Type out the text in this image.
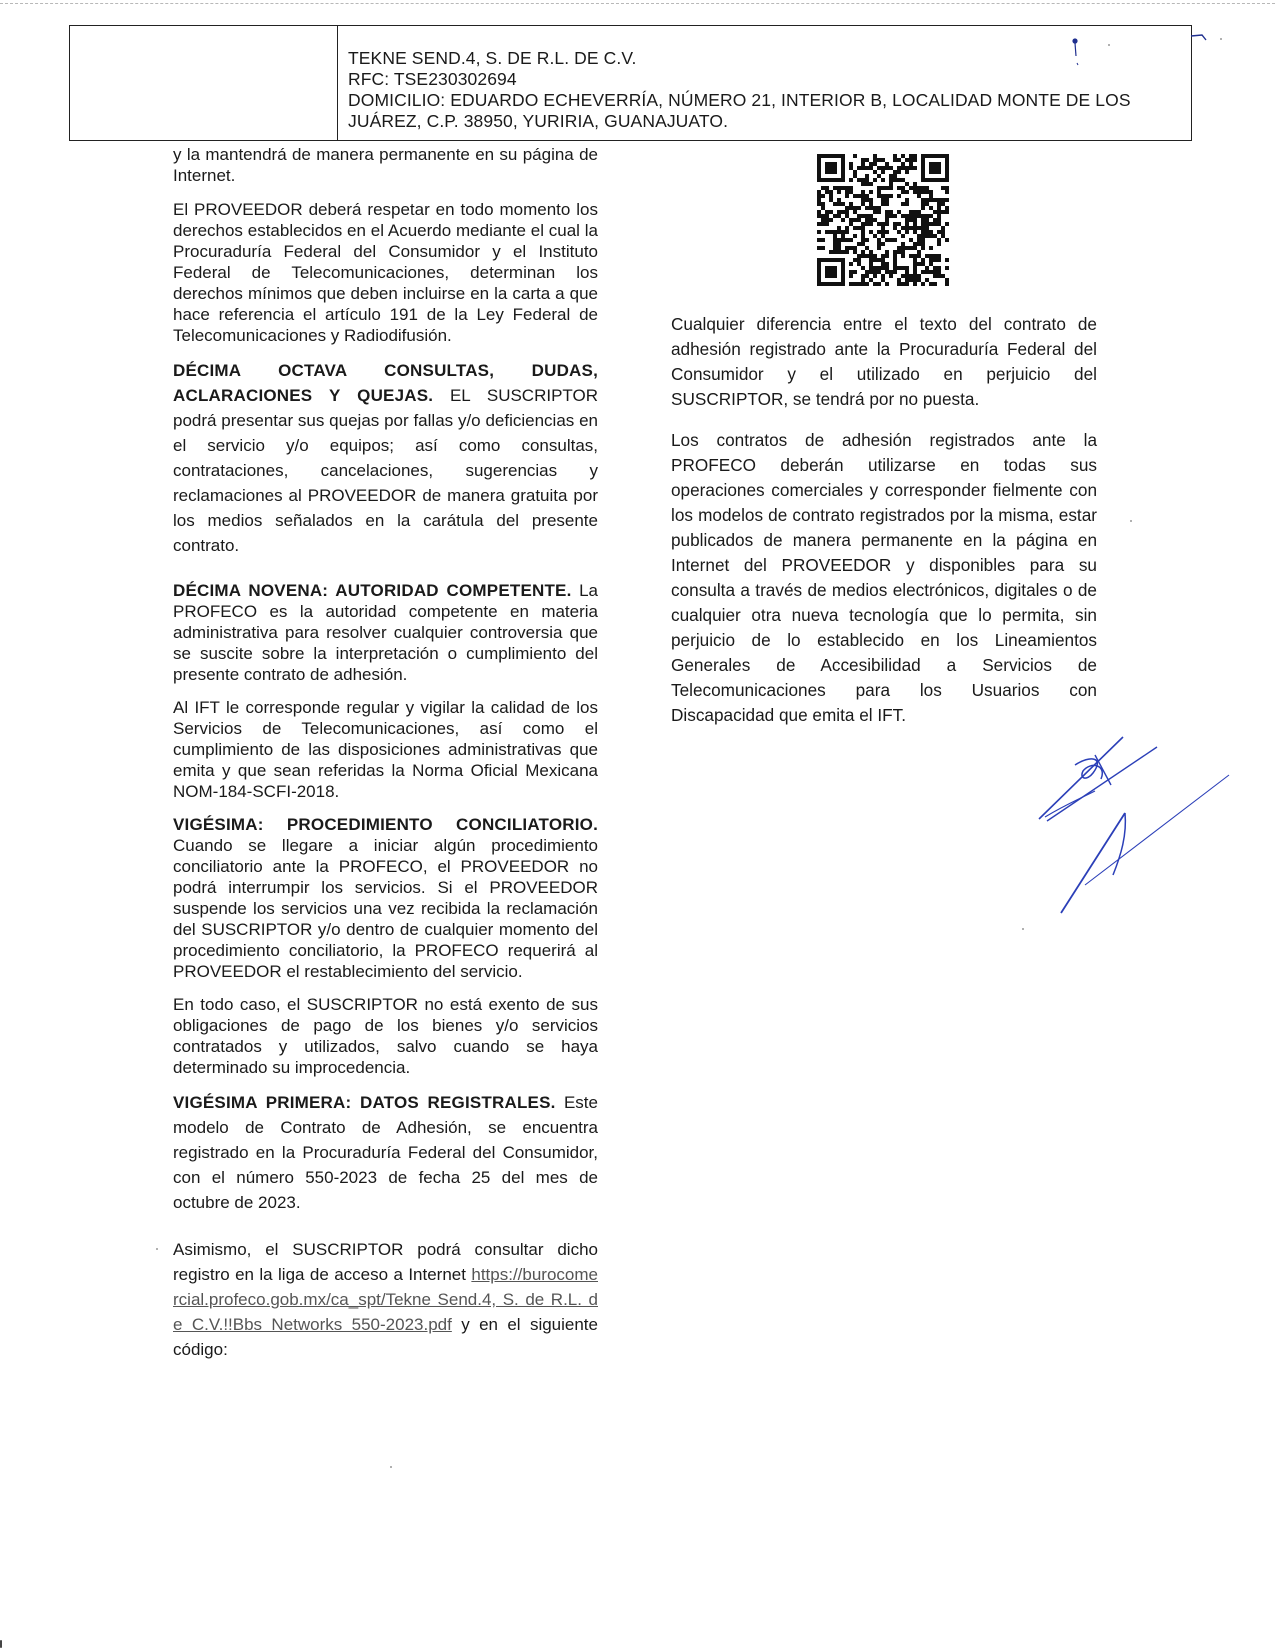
TEKNE SEND.4, S. DE R.L. DE C.V.
RFC: TSE230302694
DOMICILIO: EDUARDO ECHEVERRÍA, NÚMERO 21, INTERIOR B, LOCALIDAD MONTE DE LOS JUÁREZ, C.P. 38950, YURIRIA, GUANAJUATO.

y la mantendrá de manera permanente en su página de Internet.

El PROVEEDOR deberá respetar en todo momento los derechos establecidos en el Acuerdo mediante el cual la Procuraduría Federal del Consumidor y el Instituto Federal de Telecomunicaciones, determinan los derechos mínimos que deben incluirse en la carta a que hace referencia el artículo 191 de la Ley Federal de Telecomunicaciones y Radiodifusión.

DÉCIMA OCTAVA CONSULTAS, DUDAS, ACLARACIONES Y QUEJAS. EL SUSCRIPTOR podrá presentar sus quejas por fallas y/o deficiencias en el servicio y/o equipos; así como consultas, contrataciones, cancelaciones, sugerencias y reclamaciones al PROVEEDOR de manera gratuita por los medios señalados en la carátula del presente contrato.

DÉCIMA NOVENA: AUTORIDAD COMPETENTE. La PROFECO es la autoridad competente en materia administrativa para resolver cualquier controversia que se suscite sobre la interpretación o cumplimiento del presente contrato de adhesión.

Al IFT le corresponde regular y vigilar la calidad de los Servicios de Telecomunicaciones, así como el cumplimiento de las disposiciones administrativas que emita y que sean referidas la Norma Oficial Mexicana NOM-184-SCFI-2018.

VIGÉSIMA: PROCEDIMIENTO CONCILIATORIO. Cuando se llegare a iniciar algún procedimiento conciliatorio ante la PROFECO, el PROVEEDOR no podrá interrumpir los servicios. Si el PROVEEDOR suspende los servicios una vez recibida la reclamación del SUSCRIPTOR y/o dentro de cualquier momento del procedimiento conciliatorio, la PROFECO requerirá al PROVEEDOR el restablecimiento del servicio.

En todo caso, el SUSCRIPTOR no está exento de sus obligaciones de pago de los bienes y/o servicios contratados y utilizados, salvo cuando se haya determinado su improcedencia.

VIGÉSIMA PRIMERA: DATOS REGISTRALES. Este modelo de Contrato de Adhesión, se encuentra registrado en la Procuraduría Federal del Consumidor, con el número 550-2023 de fecha 25 del mes de octubre de 2023.

Asimismo, el SUSCRIPTOR podrá consultar dicho registro en la liga de acceso a Internet https://burocomercial.profeco.gob.mx/ca_spt/Tekne Send.4, S. de R.L. de C.V.!!Bbs Networks 550-2023.pdf y en el siguiente código:

Cualquier diferencia entre el texto del contrato de adhesión registrado ante la Procuraduría Federal del Consumidor y el utilizado en perjuicio del SUSCRIPTOR, se tendrá por no puesta.

Los contratos de adhesión registrados ante la PROFECO deberán utilizarse en todas sus operaciones comerciales y corresponder fielmente con los modelos de contrato registrados por la misma, estar publicados de manera permanente en la página en Internet del PROVEEDOR y disponibles para su consulta a través de medios electrónicos, digitales o de cualquier otra nueva tecnología que lo permita, sin perjuicio de lo establecido en los Lineamientos Generales de Accesibilidad a Servicios de Telecomunicaciones para los Usuarios con Discapacidad que emita el IFT.
